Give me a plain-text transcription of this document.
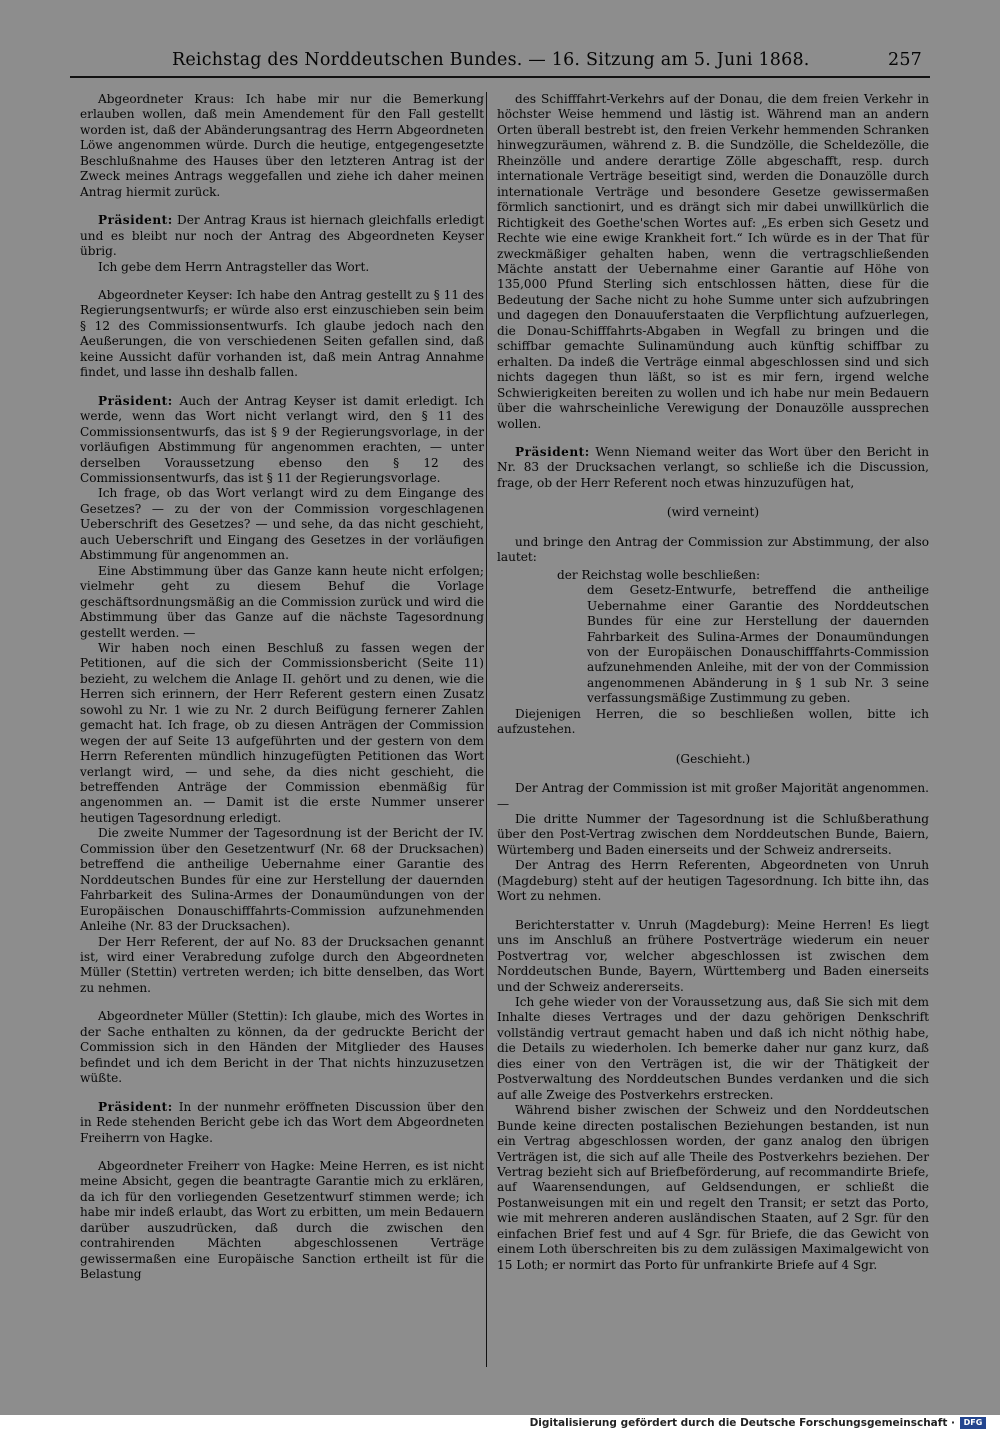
Reichstag des Norddeutschen Bundes. — 16. Sitzung am 5. Juni 1868.	257

Abgeordneter Kraus: Ich habe mir nur die Bemerkung erlauben wollen, daß mein Amendement für den Fall gestellt worden ist, daß der Abänderungsantrag des Herrn Abgeordneten Löwe angenommen würde. Durch die heutige, entgegengesetzte Beschlußnahme des Hauses über den letzteren Antrag ist der Zweck meines Antrags weggefallen und ziehe ich daher meinen Antrag hiermit zurück.

Präsident: Der Antrag Kraus ist hiernach gleichfalls erledigt und es bleibt nur noch der Antrag des Abgeordneten Keyser übrig.

Ich gebe dem Herrn Antragsteller das Wort.

Abgeordneter Keyser: Ich habe den Antrag gestellt zu § 11 des Regierungsentwurfs; er würde also erst einzuschieben sein beim § 12 des Commissionsentwurfs. Ich glaube jedoch nach den Aeußerungen, die von verschiedenen Seiten gefallen sind, daß keine Aussicht dafür vorhanden ist, daß mein Antrag Annahme findet, und lasse ihn deshalb fallen.

Präsident: Auch der Antrag Keyser ist damit erledigt. Ich werde, wenn das Wort nicht verlangt wird, den § 11 des Commissionsentwurfs, das ist § 9 der Regierungsvorlage, in der vorläufigen Abstimmung für angenommen erachten, — unter derselben Voraussetzung ebenso den § 12 des Commissionsentwurfs, das ist § 11 der Regierungsvorlage.

Ich frage, ob das Wort verlangt wird zu dem Eingange des Gesetzes? — zu der von der Commission vorgeschlagenen Ueberschrift des Gesetzes? — und sehe, da das nicht geschieht, auch Ueberschrift und Eingang des Gesetzes in der vorläufigen Abstimmung für angenommen an.

Eine Abstimmung über das Ganze kann heute nicht erfolgen; vielmehr geht zu diesem Behuf die Vorlage geschäftsordnungsmäßig an die Commission zurück und wird die Abstimmung über das Ganze auf die nächste Tagesordnung gestellt werden. —

Wir haben noch einen Beschluß zu fassen wegen der Petitionen, auf die sich der Commissionsbericht (Seite 11) bezieht, zu welchem die Anlage II. gehört und zu denen, wie die Herren sich erinnern, der Herr Referent gestern einen Zusatz sowohl zu Nr. 1 wie zu Nr. 2 durch Beifügung fernerer Zahlen gemacht hat. Ich frage, ob zu diesen Anträgen der Commission wegen der auf Seite 13 aufgeführten und der gestern von dem Herrn Referenten mündlich hinzugefügten Petitionen das Wort verlangt wird, — und sehe, da dies nicht geschieht, die betreffenden Anträge der Commission ebenmäßig für angenommen an. — Damit ist die erste Nummer unserer heutigen Tagesordnung erledigt.

Die zweite Nummer der Tagesordnung ist der Bericht der IV. Commission über den Gesetzentwurf (Nr. 68 der Drucksachen) betreffend die antheilige Uebernahme einer Garantie des Norddeutschen Bundes für eine zur Herstellung der dauernden Fahrbarkeit des Sulina-Armes der Donaumündungen von der Europäischen Donauschifffahrts-Commission aufzunehmenden Anleihe (Nr. 83 der Drucksachen).

Der Herr Referent, der auf No. 83 der Drucksachen genannt ist, wird einer Verabredung zufolge durch den Abgeordneten Müller (Stettin) vertreten werden; ich bitte denselben, das Wort zu nehmen.

Abgeordneter Müller (Stettin): Ich glaube, mich des Wortes in der Sache enthalten zu können, da der gedruckte Bericht der Commission sich in den Händen der Mitglieder des Hauses befindet und ich dem Bericht in der That nichts hinzuzusetzen wüßte.

Präsident: In der nunmehr eröffneten Discussion über den in Rede stehenden Bericht gebe ich das Wort dem Abgeordneten Freiherrn von Hagke.

Abgeordneter Freiherr von Hagke: Meine Herren, es ist nicht meine Absicht, gegen die beantragte Garantie mich zu erklären, da ich für den vorliegenden Gesetzentwurf stimmen werde; ich habe mir indeß erlaubt, das Wort zu erbitten, um mein Bedauern darüber auszudrücken, daß durch die zwischen den contrahirenden Mächten abgeschlossenen Verträge gewissermaßen eine Europäische Sanction ertheilt ist für die Belastung

des Schifffahrt-Verkehrs auf der Donau, die dem freien Verkehr in höchster Weise hemmend und lästig ist. Während man an andern Orten überall bestrebt ist, den freien Verkehr hemmenden Schranken hinwegzuräumen, während z. B. die Sundzölle, die Scheldezölle, die Rheinzölle und andere derartige Zölle abgeschafft, resp. durch internationale Verträge beseitigt sind, werden die Donauzölle durch internationale Verträge und besondere Gesetze gewissermaßen förmlich sanctionirt, und es drängt sich mir dabei unwillkürlich die Richtigkeit des Goethe'schen Wortes auf: „Es erben sich Gesetz und Rechte wie eine ewige Krankheit fort.“ Ich würde es in der That für zweckmäßiger gehalten haben, wenn die vertragschließenden Mächte anstatt der Uebernahme einer Garantie auf Höhe von 135,000 Pfund Sterling sich entschlossen hätten, diese für die Bedeutung der Sache nicht zu hohe Summe unter sich aufzubringen und dagegen den Donauuferstaaten die Verpflichtung aufzuerlegen, die Donau-Schifffahrts-Abgaben in Wegfall zu bringen und die schiffbar gemachte Sulinamündung auch künftig schiffbar zu erhalten. Da indeß die Verträge einmal abgeschlossen sind und sich nichts dagegen thun läßt, so ist es mir fern, irgend welche Schwierigkeiten bereiten zu wollen und ich habe nur mein Bedauern über die wahrscheinliche Verewigung der Donauzölle aussprechen wollen.

Präsident: Wenn Niemand weiter das Wort über den Bericht in Nr. 83 der Drucksachen verlangt, so schließe ich die Discussion, frage, ob der Herr Referent noch etwas hinzuzufügen hat,

(wird verneint)

und bringe den Antrag der Commission zur Abstimmung, der also lautet:

der Reichstag wolle beschließen:

dem Gesetz-Entwurfe, betreffend die antheilige Uebernahme einer Garantie des Norddeutschen Bundes für eine zur Herstellung der dauernden Fahrbarkeit des Sulina-Armes der Donaumündungen von der Europäischen Donauschifffahrts-Commission aufzunehmenden Anleihe, mit der von der Commission angenommenen Abänderung in § 1 sub Nr. 3 seine verfassungsmäßige Zustimmung zu geben.

Diejenigen Herren, die so beschließen wollen, bitte ich aufzustehen.

(Geschieht.)

Der Antrag der Commission ist mit großer Majorität angenommen. —

Die dritte Nummer der Tagesordnung ist die Schlußberathung über den Post-Vertrag zwischen dem Norddeutschen Bunde, Baiern, Würtemberg und Baden einerseits und der Schweiz andrerseits.

Der Antrag des Herrn Referenten, Abgeordneten von Unruh (Magdeburg) steht auf der heutigen Tagesordnung. Ich bitte ihn, das Wort zu nehmen.

Berichterstatter v. Unruh (Magdeburg): Meine Herren! Es liegt uns im Anschluß an frühere Postverträge wiederum ein neuer Postvertrag vor, welcher abgeschlossen ist zwischen dem Norddeutschen Bunde, Bayern, Württemberg und Baden einerseits und der Schweiz andererseits.

Ich gehe wieder von der Voraussetzung aus, daß Sie sich mit dem Inhalte dieses Vertrages und der dazu gehörigen Denkschrift vollständig vertraut gemacht haben und daß ich nicht nöthig habe, die Details zu wiederholen. Ich bemerke daher nur ganz kurz, daß dies einer von den Verträgen ist, die wir der Thätigkeit der Postverwaltung des Norddeutschen Bundes verdanken und die sich auf alle Zweige des Postverkehrs erstrecken.

Während bisher zwischen der Schweiz und den Norddeutschen Bunde keine directen postalischen Beziehungen bestanden, ist nun ein Vertrag abgeschlossen worden, der ganz analog den übrigen Verträgen ist, die sich auf alle Theile des Postverkehrs beziehen. Der Vertrag bezieht sich auf Briefbeförderung, auf recommandirte Briefe, auf Waarensendungen, auf Geldsendungen, er schließt die Postanweisungen mit ein und regelt den Transit; er setzt das Porto, wie mit mehreren anderen ausländischen Staaten, auf 2 Sgr. für den einfachen Brief fest und auf 4 Sgr. für Briefe, die das Gewicht von einem Loth überschreiten bis zu dem zulässigen Maximalgewicht von 15 Loth; er normirt das Porto für unfrankirte Briefe auf 4 Sgr.

Digitalisierung gefördert durch die Deutsche Forschungsgemeinschaft ·	DFG
